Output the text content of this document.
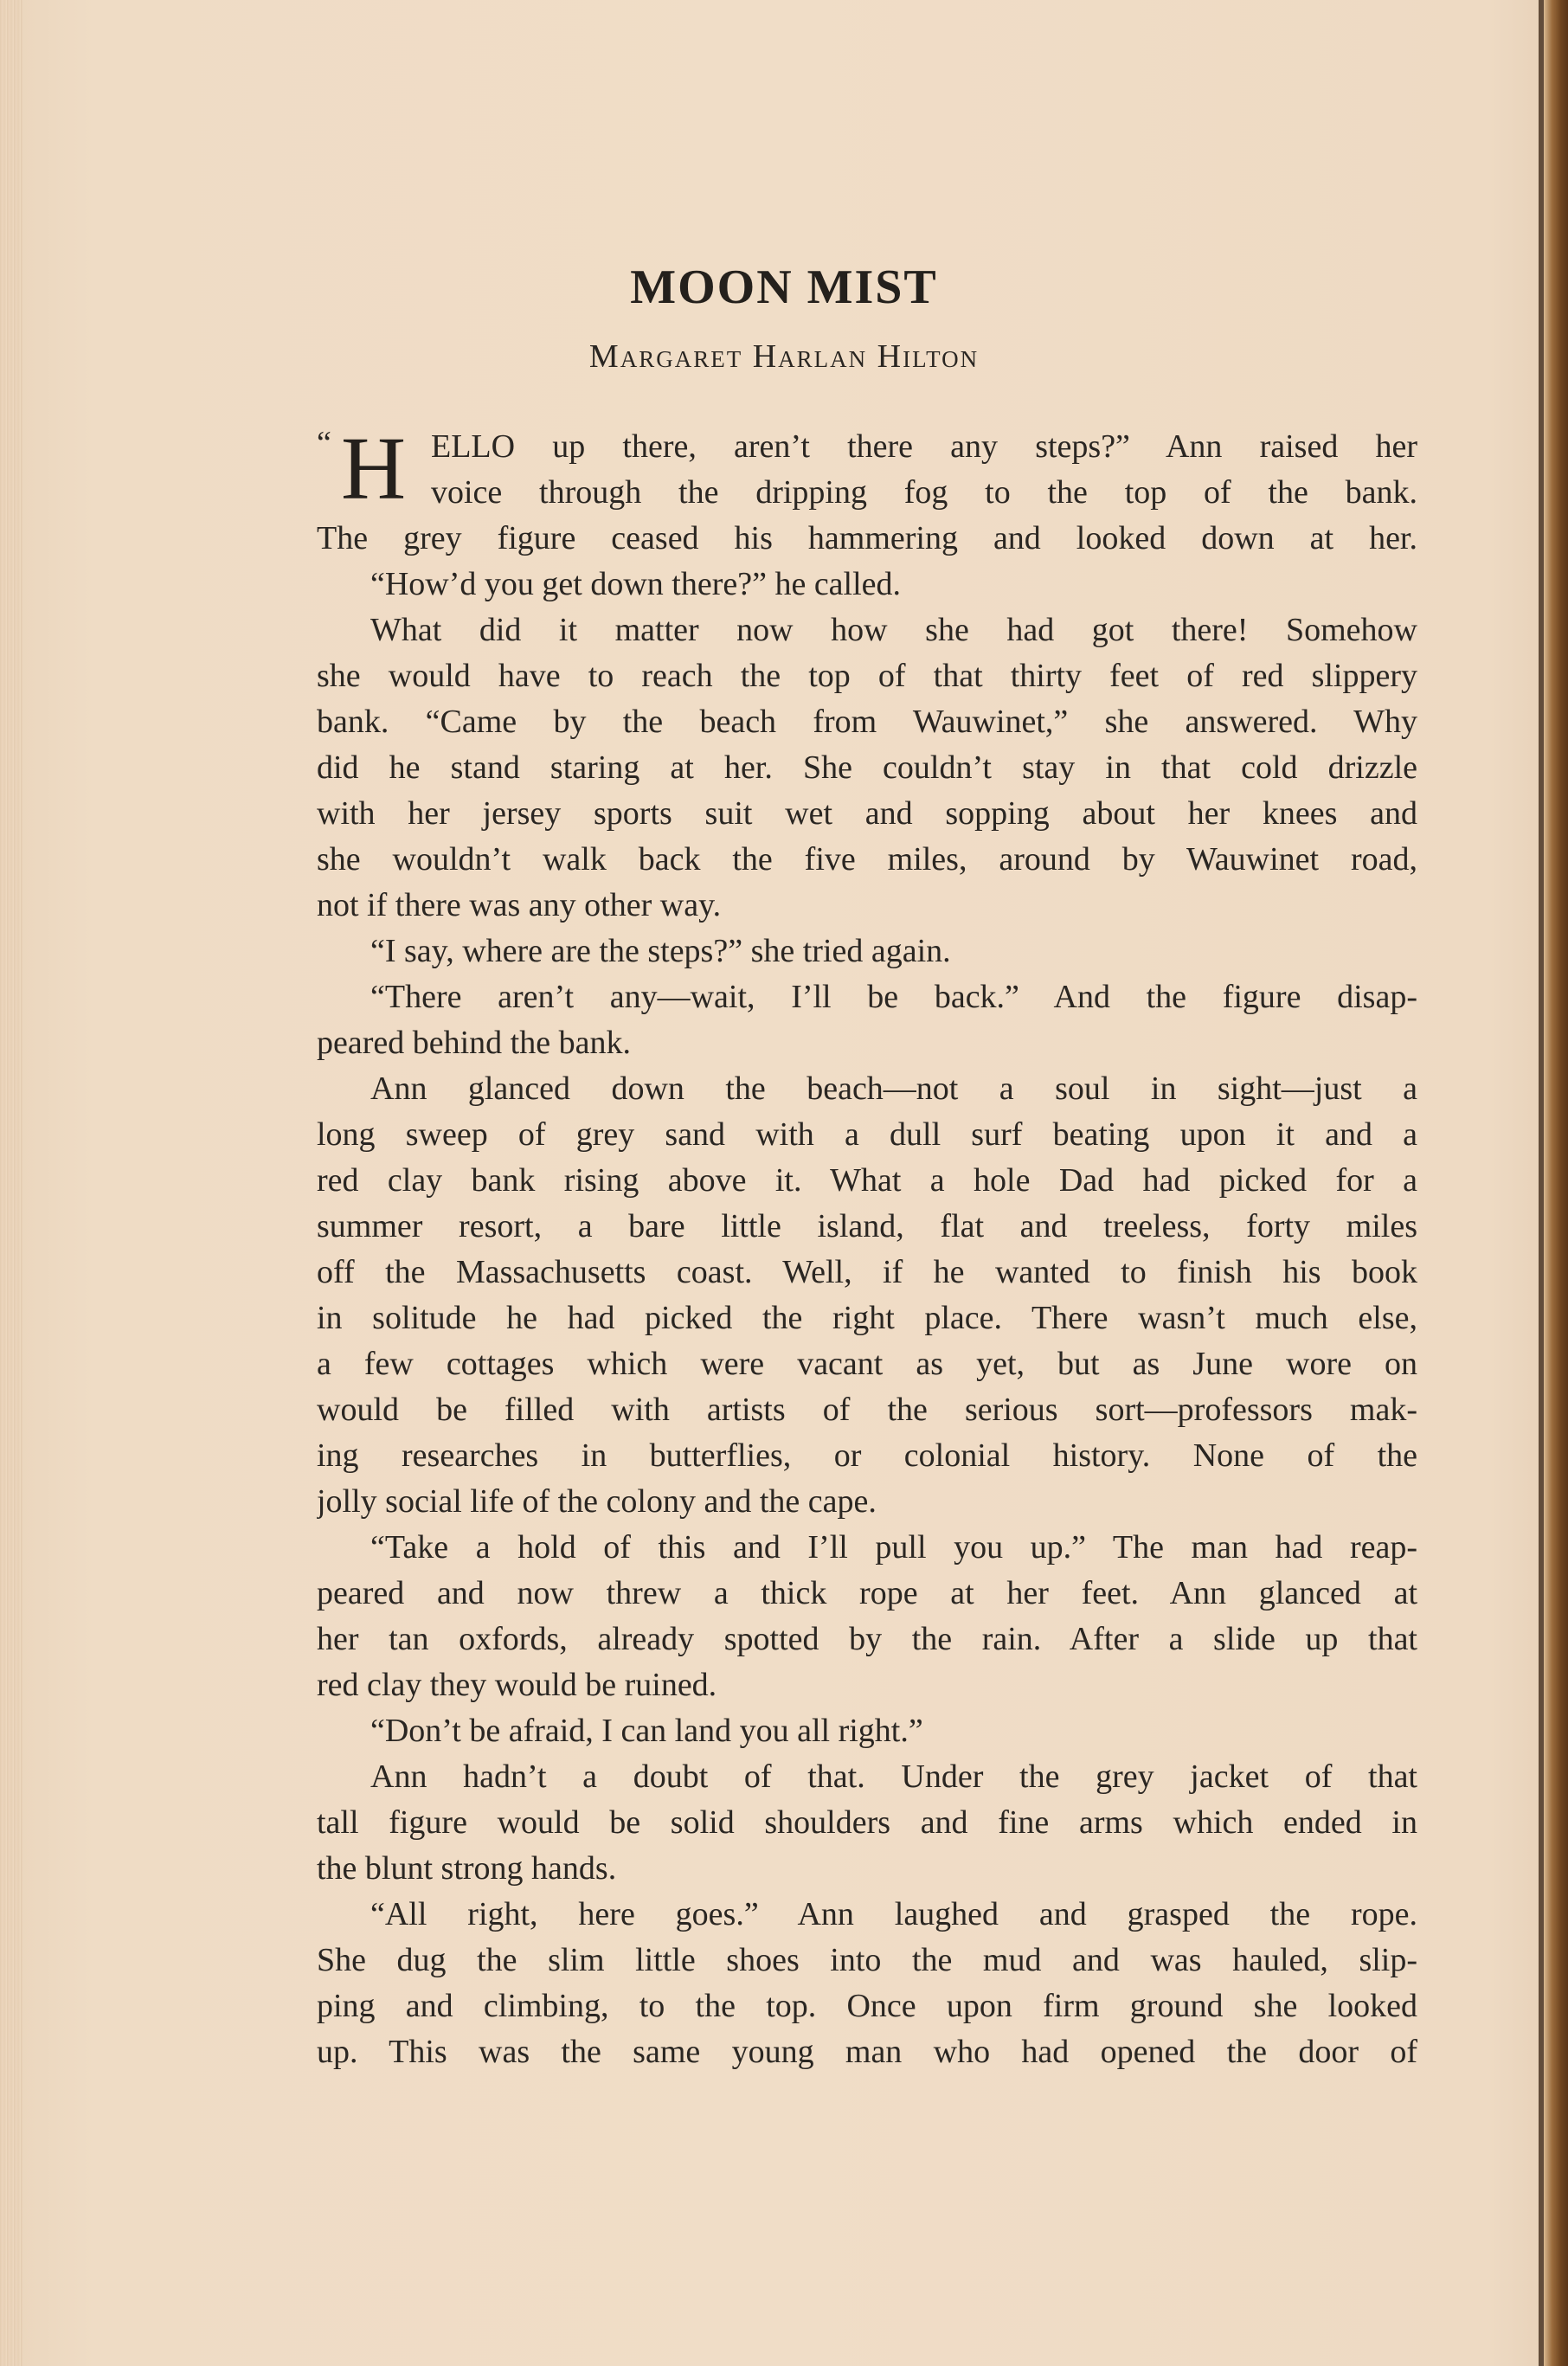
MOON MIST
Margaret Harlan Hilton
“ H ELLO up there, aren’t there any steps?” Ann raised her
voice through the dripping fog to the top of the bank.
The grey figure ceased his hammering and looked down at her.
“How’d you get down there?” he called.
What did it matter now how she had got there! Somehow
she would have to reach the top of that thirty feet of red slippery
bank. “Came by the beach from Wauwinet,” she answered. Why
did he stand staring at her. She couldn’t stay in that cold drizzle
with her jersey sports suit wet and sopping about her knees and
she wouldn’t walk back the five miles, around by Wauwinet road,
not if there was any other way.
“I say, where are the steps?” she tried again.
“There aren’t any—wait, I’ll be back.” And the figure disap-
peared behind the bank.
Ann glanced down the beach—not a soul in sight—just a
long sweep of grey sand with a dull surf beating upon it and a
red clay bank rising above it. What a hole Dad had picked for a
summer resort, a bare little island, flat and treeless, forty miles
off the Massachusetts coast. Well, if he wanted to finish his book
in solitude he had picked the right place. There wasn’t much else,
a few cottages which were vacant as yet, but as June wore on
would be filled with artists of the serious sort—professors mak-
ing researches in butterflies, or colonial history. None of the
jolly social life of the colony and the cape.
“Take a hold of this and I’ll pull you up.” The man had reap-
peared and now threw a thick rope at her feet. Ann glanced at
her tan oxfords, already spotted by the rain. After a slide up that
red clay they would be ruined.
“Don’t be afraid, I can land you all right.”
Ann hadn’t a doubt of that. Under the grey jacket of that
tall figure would be solid shoulders and fine arms which ended in
the blunt strong hands.
“All right, here goes.” Ann laughed and grasped the rope.
She dug the slim little shoes into the mud and was hauled, slip-
ping and climbing, to the top. Once upon firm ground she looked
up. This was the same young man who had opened the door of
